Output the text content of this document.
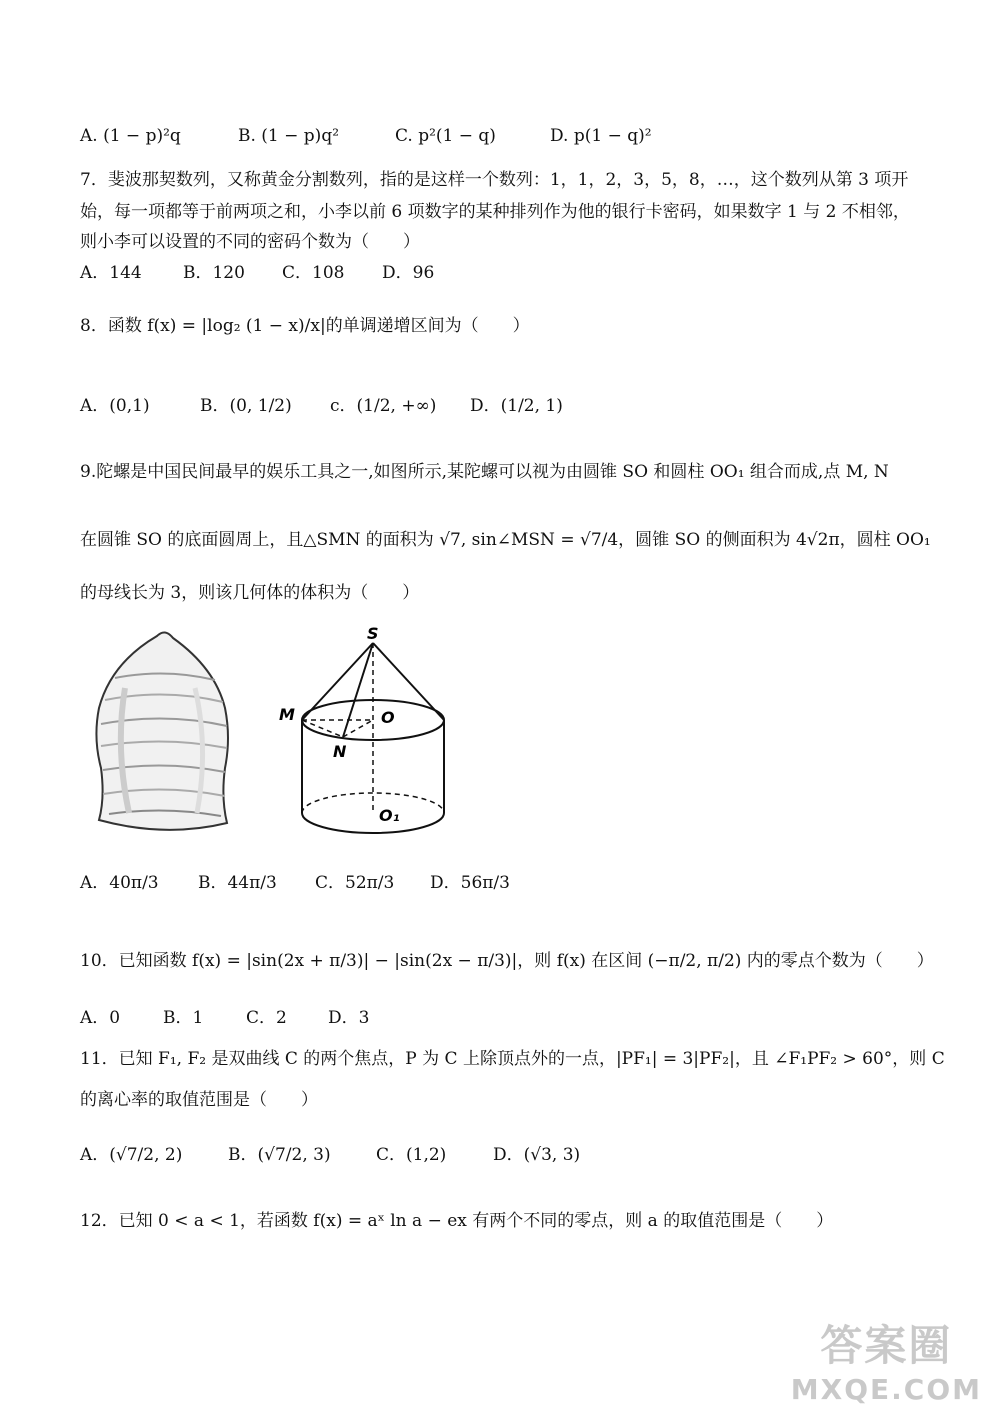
A. (1 − p)²q	B. (1 − p)q²	C. p²(1 − q)	D. p(1 − q)²
7．斐波那契数列，又称黄金分割数列，指的是这样一个数列：1，1，2，3，5，8，…，这个数列从第 3 项开
始，每一项都等于前两项之和，小李以前 6 项数字的某种排列作为他的银行卡密码，如果数字 1 与 2 不相邻，
则小李可以设置的不同的密码个数为（　　）
A．144 B．120 C．108 D．96
8．函数 f(x) = |log₂ (1 − x)/x|的单调递增区间为（　　）
A．(0,1)	B．(0, 1/2) c．(1/2, +∞) D．(1/2, 1)
9.陀螺是中国民间最早的娱乐工具之一,如图所示,某陀螺可以视为由圆锥 SO 和圆柱 OO₁ 组合而成,点 M, N
在圆锥 SO 的底面圆周上，且△SMN 的面积为 √7, sin∠MSN = √7/4，圆锥 SO 的侧面积为 4√2π，圆柱 OO₁
的母线长为 3，则该几何体的体积为（　　）
S
M	O
N
O₁
A．40π/3 B．44π/3 C．52π/3 D．56π/3
10．已知函数 f(x) = |sin(2x + π/3)| − |sin(2x − π/3)|，则 f(x) 在区间 (−π/2, π/2) 内的零点个数为（　　）
A．0	B．1	C．2 D．3
11．已知 F₁, F₂ 是双曲线 C 的两个焦点，P 为 C 上除顶点外的一点，|PF₁| = 3|PF₂|，且 ∠F₁PF₂ > 60°，则 C
的离心率的取值范围是（　　）
A．(√7/2, 2)	B．(√7/2, 3)	C．(1,2)	D．(√3, 3)
12．已知 0 < a < 1，若函数 f(x) = aˣ ln a − ex 有两个不同的零点，则 a 的取值范围是（　　）
答案圈
MXQE.COM
